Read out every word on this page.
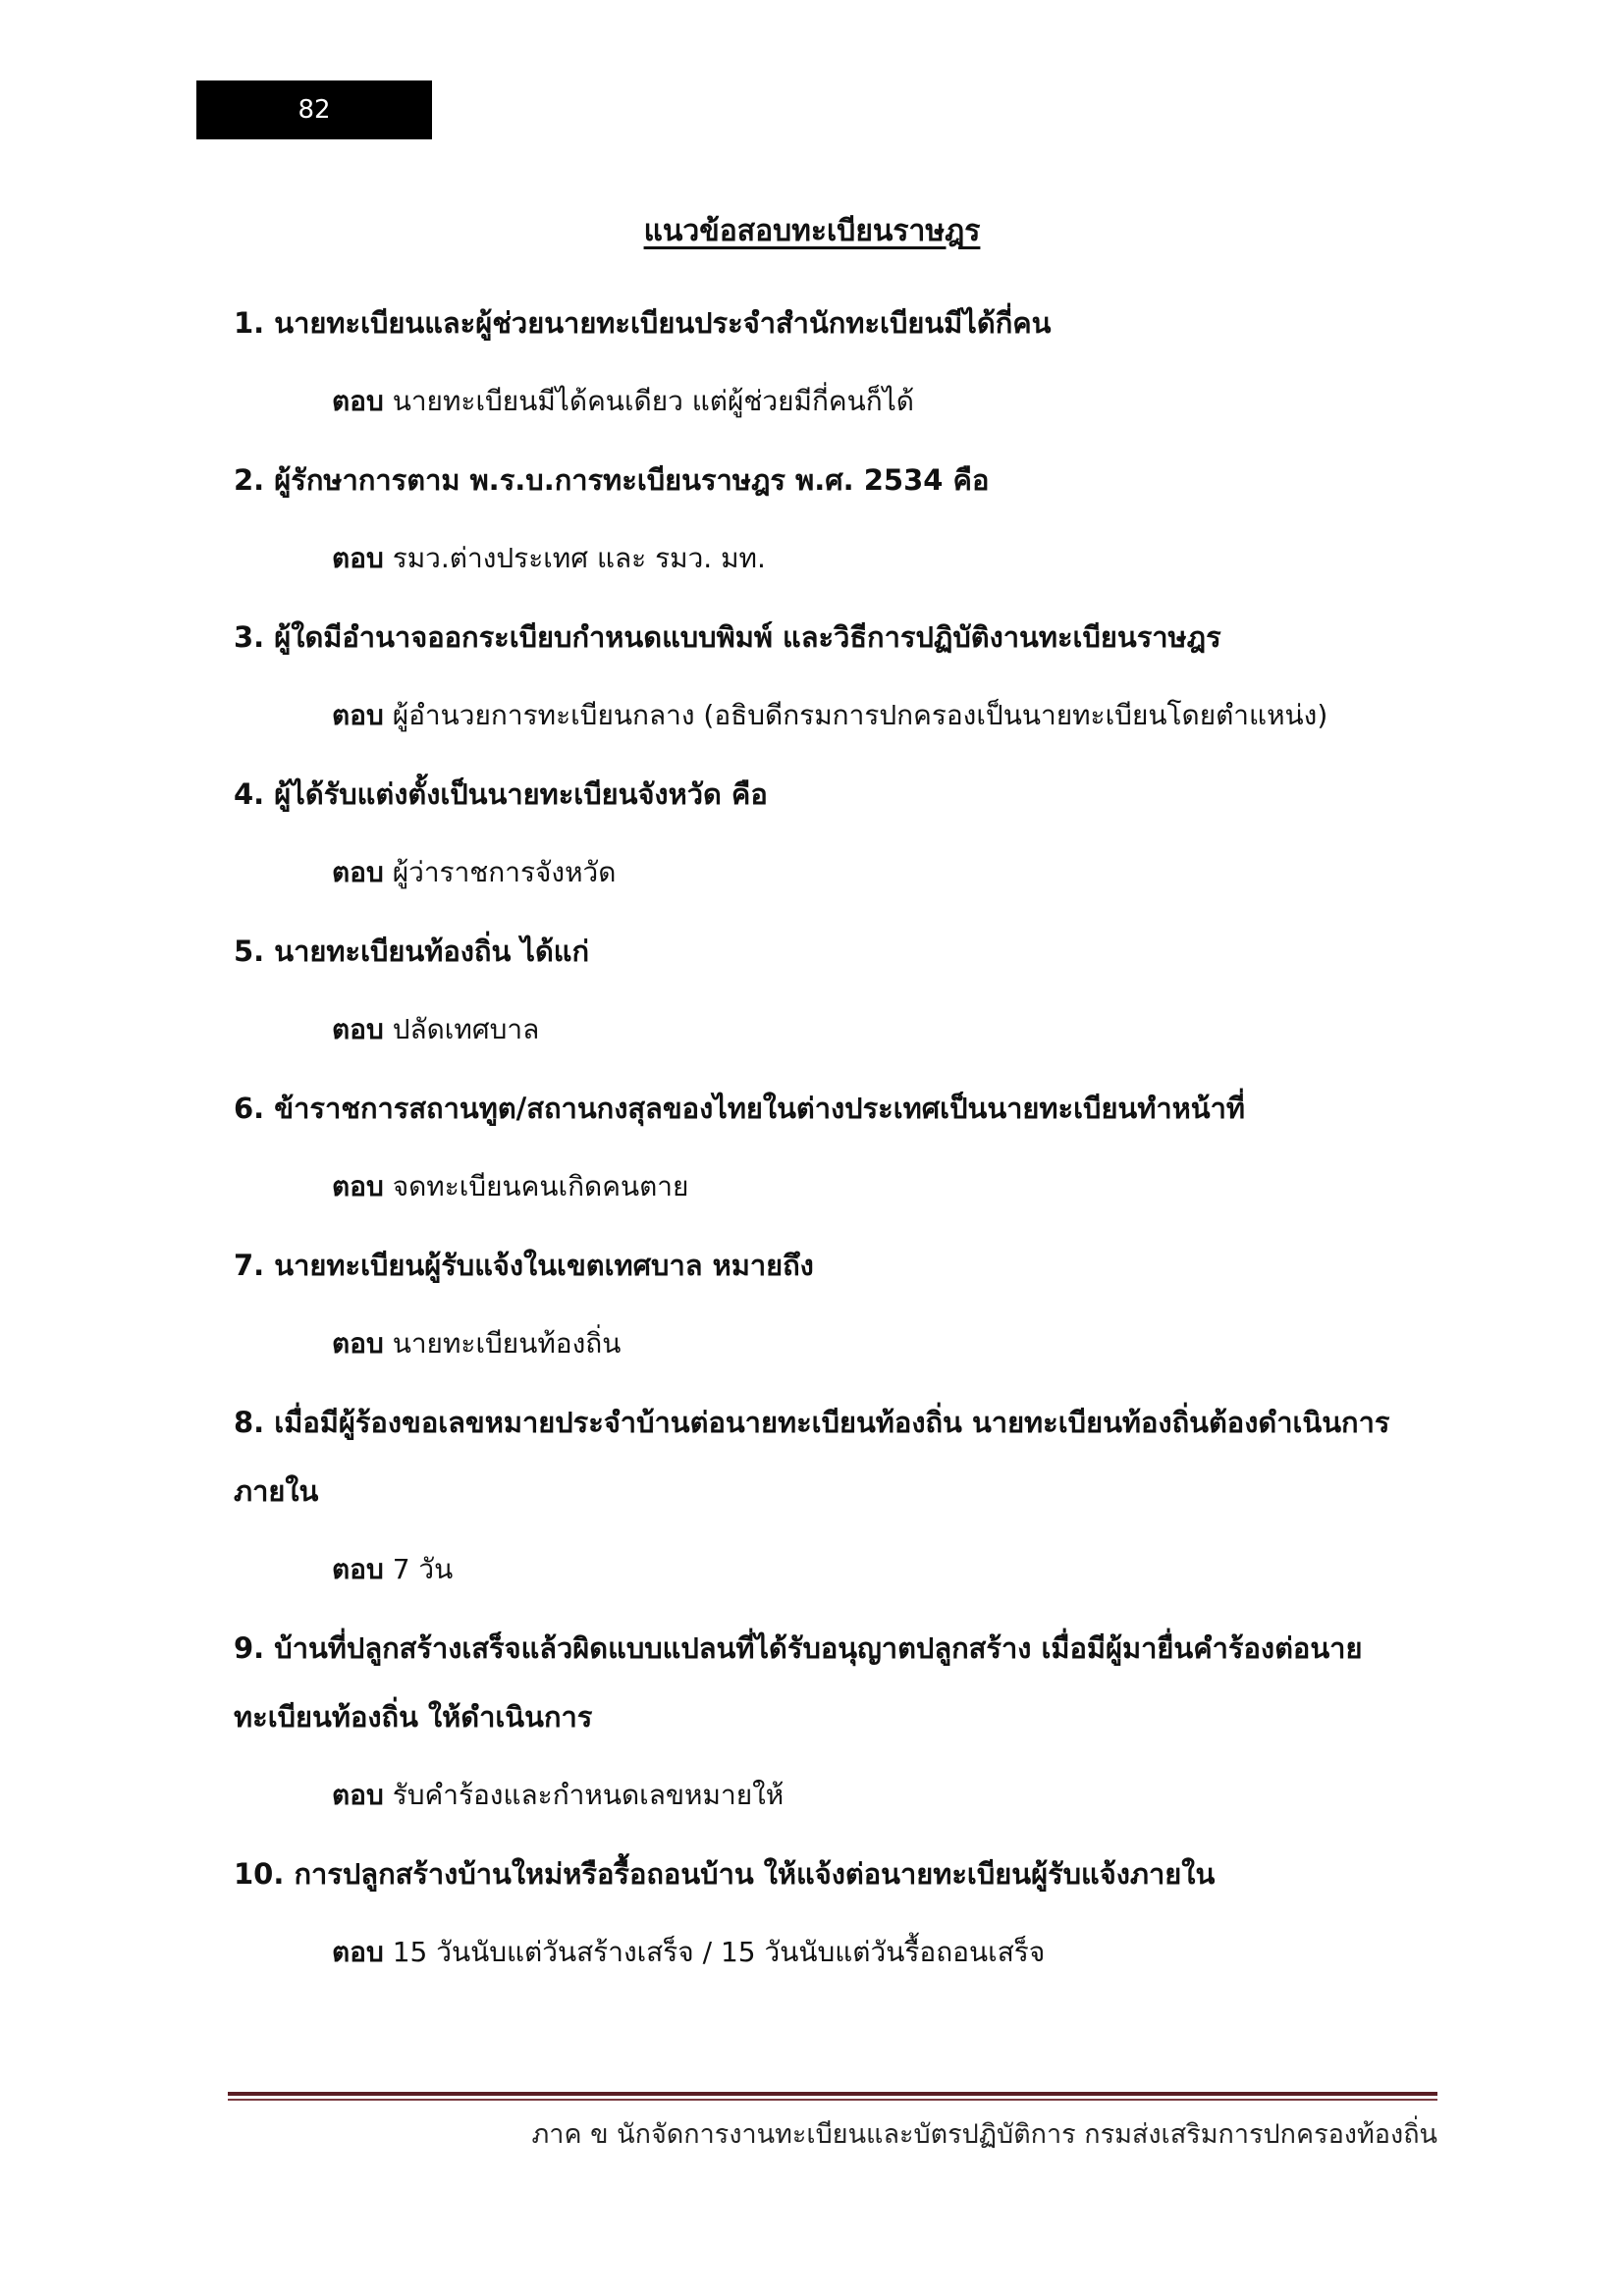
82
แนวข้อสอบทะเบียนราษฎร

1. นายทะเบียนและผู้ช่วยนายทะเบียนประจำสำนักทะเบียนมีได้กี่คน

ตอบ นายทะเบียนมีได้คนเดียว แต่ผู้ช่วยมีกี่คนก็ได้

2. ผู้รักษาการตาม พ.ร.บ.การทะเบียนราษฎร พ.ศ. 2534 คือ

ตอบ รมว.ต่างประเทศ และ รมว. มท.

3. ผู้ใดมีอำนาจออกระเบียบกำหนดแบบพิมพ์ และวิธีการปฏิบัติงานทะเบียนราษฎร

ตอบ ผู้อำนวยการทะเบียนกลาง (อธิบดีกรมการปกครองเป็นนายทะเบียนโดยตำแหน่ง)

4. ผู้ได้รับแต่งตั้งเป็นนายทะเบียนจังหวัด คือ

ตอบ ผู้ว่าราชการจังหวัด

5. นายทะเบียนท้องถิ่น ได้แก่

ตอบ ปลัดเทศบาล

6. ข้าราชการสถานทูต/สถานกงสุลของไทยในต่างประเทศเป็นนายทะเบียนทำหน้าที่

ตอบ จดทะเบียนคนเกิดคนตาย

7. นายทะเบียนผู้รับแจ้งในเขตเทศบาล หมายถึง

ตอบ นายทะเบียนท้องถิ่น

8. เมื่อมีผู้ร้องขอเลขหมายประจำบ้านต่อนายทะเบียนท้องถิ่น นายทะเบียนท้องถิ่นต้องดำเนินการภายใน

ตอบ 7 วัน

9. บ้านที่ปลูกสร้างเสร็จแล้วผิดแบบแปลนที่ได้รับอนุญาตปลูกสร้าง เมื่อมีผู้มายื่นคำร้องต่อนายทะเบียนท้องถิ่น ให้ดำเนินการ

ตอบ รับคำร้องและกำหนดเลขหมายให้

10. การปลูกสร้างบ้านใหม่หรือรื้อถอนบ้าน ให้แจ้งต่อนายทะเบียนผู้รับแจ้งภายใน

ตอบ 15 วันนับแต่วันสร้างเสร็จ / 15 วันนับแต่วันรื้อถอนเสร็จ

ภาค ข นักจัดการงานทะเบียนและบัตรปฏิบัติการ กรมส่งเสริมการปกครองท้องถิ่น
